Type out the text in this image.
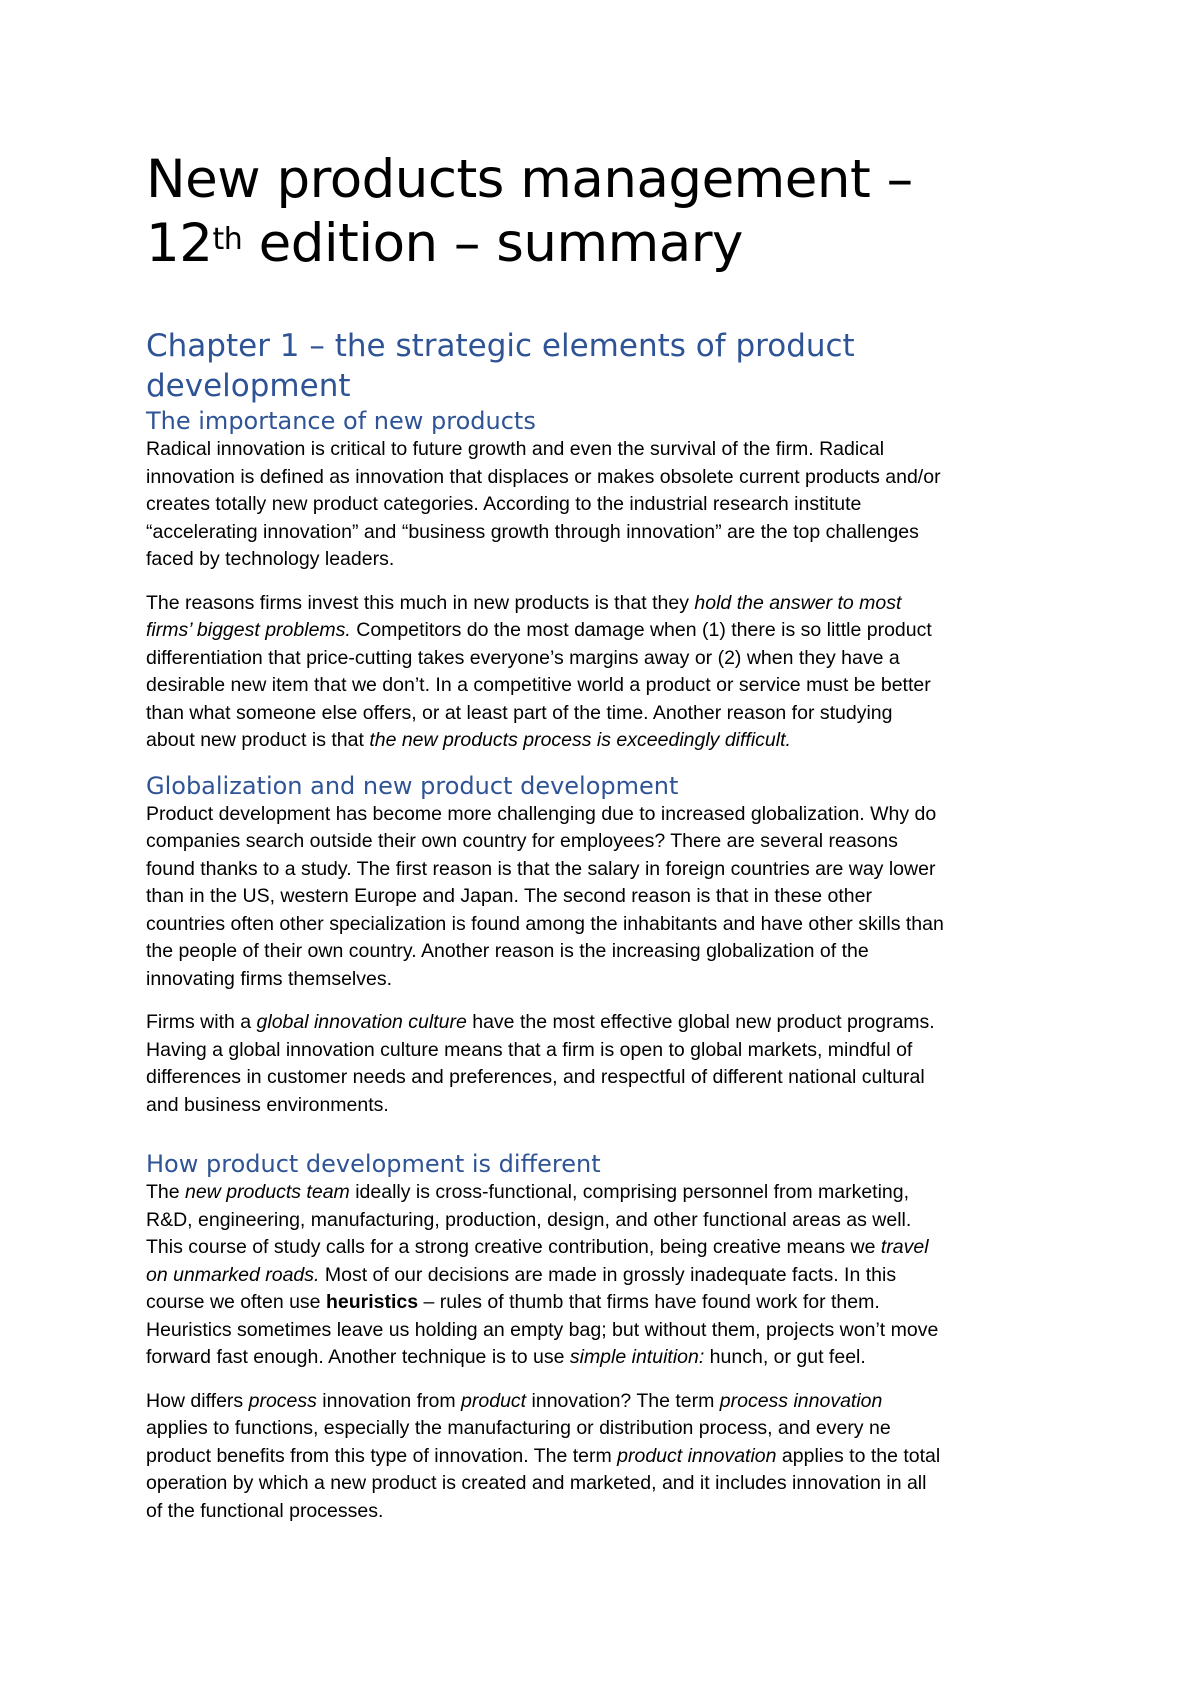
New products management –
12th edition – summary
Chapter 1 – the strategic elements of product
development
The importance of new products

Radical innovation is critical to future growth and even the survival of the firm. Radical
innovation is defined as innovation that displaces or makes obsolete current products and/or
creates totally new product categories. According to the industrial research institute
“accelerating innovation” and “business growth through innovation” are the top challenges
faced by technology leaders.

The reasons firms invest this much in new products is that they hold the answer to most
firms’ biggest problems. Competitors do the most damage when (1) there is so little product
differentiation that price-cutting takes everyone’s margins away or (2) when they have a
desirable new item that we don’t. In a competitive world a product or service must be better
than what someone else offers, or at least part of the time. Another reason for studying
about new product is that the new products process is exceedingly difficult.

Globalization and new product development

Product development has become more challenging due to increased globalization. Why do
companies search outside their own country for employees? There are several reasons
found thanks to a study. The first reason is that the salary in foreign countries are way lower
than in the US, western Europe and Japan. The second reason is that in these other
countries often other specialization is found among the inhabitants and have other skills than
the people of their own country. Another reason is the increasing globalization of the
innovating firms themselves.

Firms with a global innovation culture have the most effective global new product programs.
Having a global innovation culture means that a firm is open to global markets, mindful of
differences in customer needs and preferences, and respectful of different national cultural
and business environments.

How product development is different

The new products team ideally is cross-functional, comprising personnel from marketing,
R&D, engineering, manufacturing, production, design, and other functional areas as well.
This course of study calls for a strong creative contribution, being creative means we travel
on unmarked roads. Most of our decisions are made in grossly inadequate facts. In this
course we often use heuristics – rules of thumb that firms have found work for them.
Heuristics sometimes leave us holding an empty bag; but without them, projects won’t move
forward fast enough. Another technique is to use simple intuition: hunch, or gut feel.

How differs process innovation from product innovation? The term process innovation
applies to functions, especially the manufacturing or distribution process, and every ne
product benefits from this type of innovation. The term product innovation applies to the total
operation by which a new product is created and marketed, and it includes innovation in all
of the functional processes.
